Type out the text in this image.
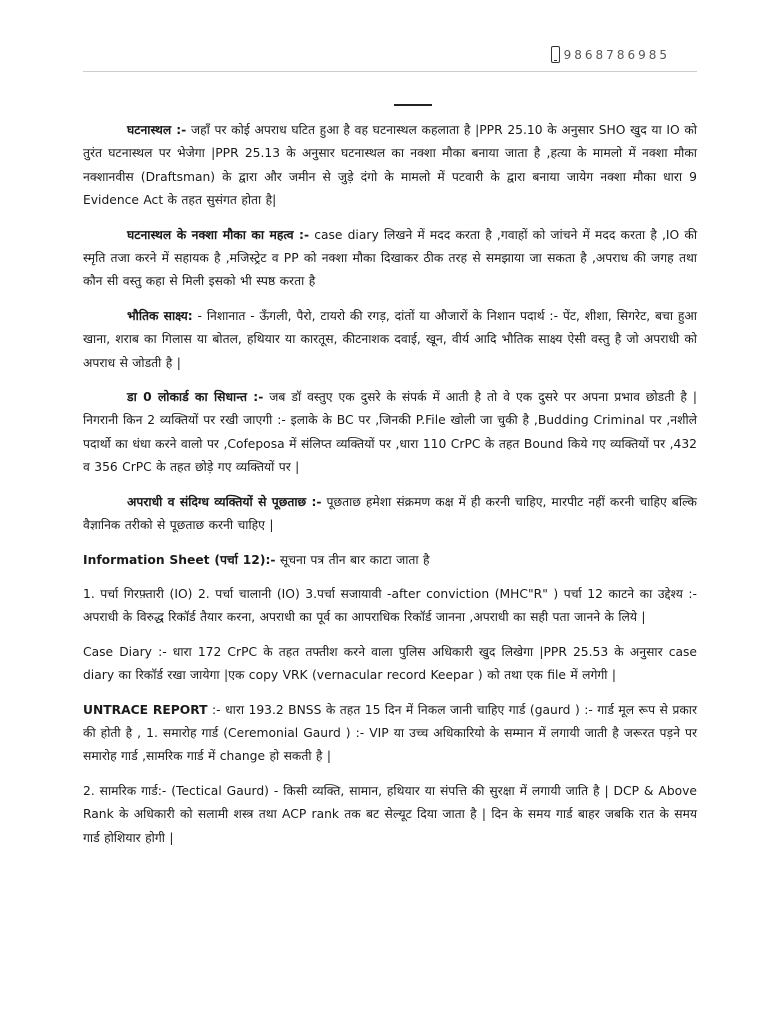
9868786985

घटनास्थल :- जहाँ पर कोई अपराध घटित हुआ है वह घटनास्थल कहलाता है |PPR 25.10 के अनुसार SHO खुद या IO को तुरंत घटनास्थल पर भेजेगा |PPR 25.13 के अनुसार घटनास्थल का नक्शा मौका बनाया जाता है ,हत्या के मामलो में नक्शा मौका नक्शानवीस (Draftsman) के द्वारा और जमीन से जुड़े दंगो के मामलो में पटवारी के द्वारा बनाया जायेग नक्शा मौका धारा 9 Evidence Act के तहत सुसंगत होता है|

घटनास्थल के नक्शा मौका का महत्व :- case diary लिखने में मदद करता है ,गवाहों को जांचने में मदद करता है ,IO की स्मृति तजा करने में सहायक है ,मजिस्ट्रेट व PP को नक्शा मौका दिखाकर ठीक तरह से समझाया जा सकता है ,अपराध की जगह तथा कौन सी वस्तु कहा से मिली इसको भी स्पष्ठ करता है

भौतिक साक्ष्य: - निशानात - ऊँगली, पैरो, टायरो की रगड़, दांतों या औजारों के निशान पदार्थ :- पेंट, शीशा, सिगरेट, बचा हुआ खाना, शराब का गिलास या बोतल, हथियार या कारतूस, कीटनाशक दवाई, खून, वीर्य आदि भौतिक साक्ष्य ऐसी वस्तु है जो अपराधी को अपराध से जोडती है |

डा 0 लोकार्ड का सिधान्त :- जब डॉ वस्तुए एक दुसरे के संपर्क में आती है तो वे एक दुसरे पर अपना प्रभाव छोडती है | निगरानी किन 2 व्यक्तियों पर रखी जाएगी :- इलाके के BC पर ,जिनकी P.File खोली जा चुकी है ,Budding Criminal पर ,नशीले पदार्थो का धंधा करने वालो पर ,Cofeposa में संलिप्त व्यक्तियों पर ,धारा 110 CrPC के तहत Bound किये गए व्यक्तियों पर ,432 व 356 CrPC के तहत छोड़े गए व्यक्तियों पर |

अपराधी व संदिग्ध व्यक्तियों से पूछताछ :- पूछताछ हमेशा संक्रमण कक्ष में ही करनी चाहिए, मारपीट नहीं करनी चाहिए बल्कि वैज्ञानिक तरीको से पूछताछ करनी चाहिए |

Information Sheet (पर्चा 12):- सूचना पत्र तीन बार काटा जाता है

1. पर्चा गिरफ़्तारी (IO) 2. पर्चा चालानी (IO) 3.पर्चा सजायावी -after conviction (MHC"R" ) पर्चा 12 काटने का उद्देश्य :- अपराधी के विरुद्ध रिकॉर्ड तैयार करना, अपराधी का पूर्व का आपराधिक रिकॉर्ड जानना ,अपराधी का सही पता जानने के लिये |

Case Diary :- धारा 172 CrPC के तहत तफ्तीश करने वाला पुलिस अधिकारी खुद लिखेगा |PPR 25.53 के अनुसार case diary का रिकॉर्ड रखा जायेगा |एक copy VRK (vernacular record Keepar ) को तथा एक file में लगेगी |

UNTRACE REPORT :- धारा 193.2 BNSS के तहत 15 दिन में निकल जानी चाहिए गार्ड (gaurd ) :- गार्ड मूल रूप से प्रकार की होती है , 1. समारोह गार्ड (Ceremonial Gaurd ) :- VIP या उच्च अधिकारियो के सम्मान में लगायी जाती है जरूरत पड़ने पर समारोह गार्ड ,सामरिक गार्ड में change हो सकती है |

2. सामरिक गार्ड:- (Tectical Gaurd) - किसी व्यक्ति, सामान, हथियार या संपत्ति की सुरक्षा में लगायी जाति है | DCP & Above Rank के अधिकारी को सलामी शस्त्र तथा ACP rank तक बट सेल्यूट दिया जाता है | दिन के समय गार्ड बाहर जबकि रात के समय गार्ड होशियार होगी |
